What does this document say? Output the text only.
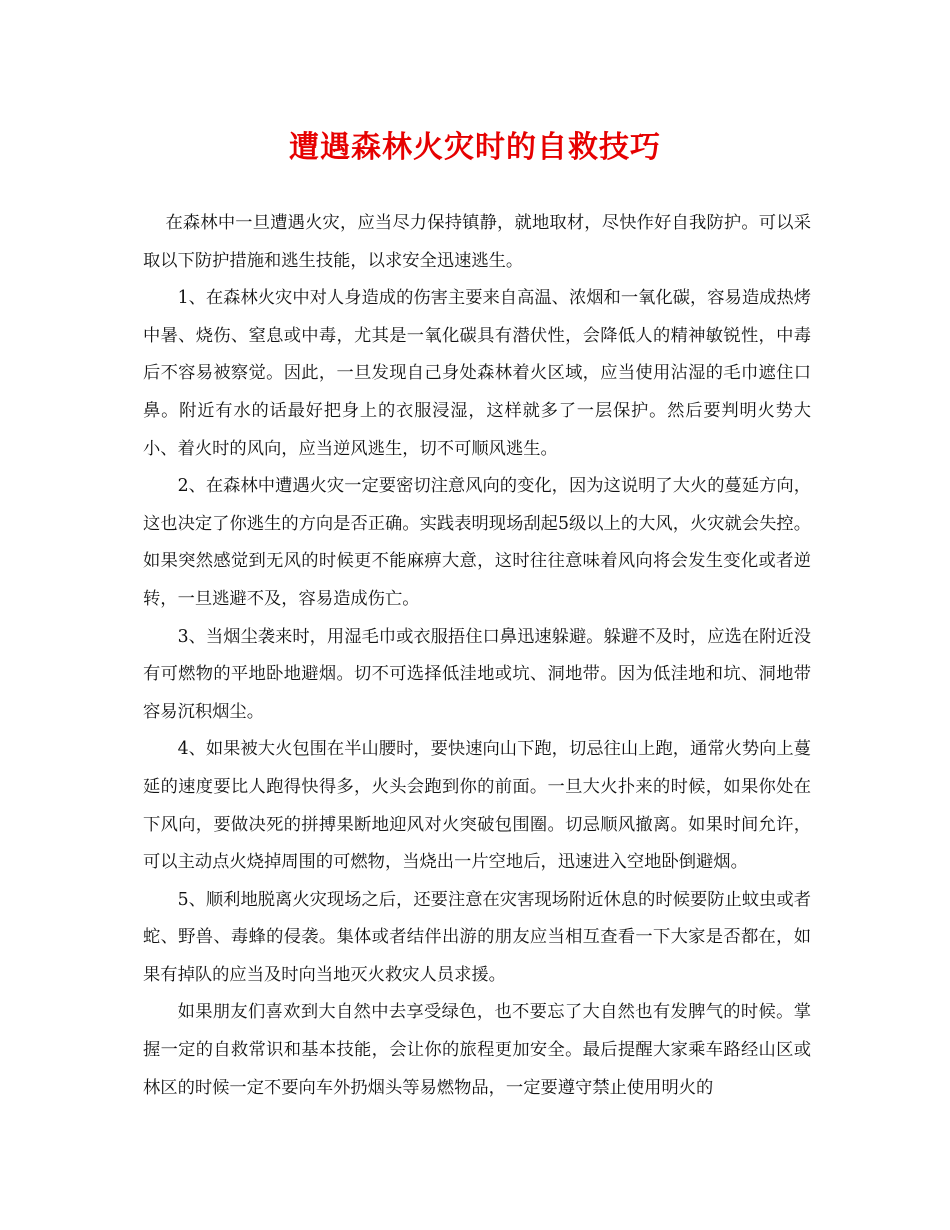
遭遇森林火灾时的自救技巧

在森林中一旦遭遇火灾，应当尽力保持镇静，就地取材，尽快作好自我防护。可以采取以下防护措施和逃生技能，以求安全迅速逃生。

1、在森林火灾中对人身造成的伤害主要来自高温、浓烟和一氧化碳，容易造成热烤中暑、烧伤、窒息或中毒，尤其是一氧化碳具有潜伏性，会降低人的精神敏锐性，中毒后不容易被察觉。因此，一旦发现自己身处森林着火区域，应当使用沾湿的毛巾遮住口鼻。附近有水的话最好把身上的衣服浸湿，这样就多了一层保护。然后要判明火势大小、着火时的风向，应当逆风逃生，切不可顺风逃生。

2、在森林中遭遇火灾一定要密切注意风向的变化，因为这说明了大火的蔓延方向，这也决定了你逃生的方向是否正确。实践表明现场刮起5级以上的大风，火灾就会失控。如果突然感觉到无风的时候更不能麻痹大意，这时往往意味着风向将会发生变化或者逆转，一旦逃避不及，容易造成伤亡。

3、当烟尘袭来时，用湿毛巾或衣服捂住口鼻迅速躲避。躲避不及时，应选在附近没有可燃物的平地卧地避烟。切不可选择低洼地或坑、洞地带。因为低洼地和坑、洞地带容易沉积烟尘。

4、如果被大火包围在半山腰时，要快速向山下跑，切忌往山上跑，通常火势向上蔓延的速度要比人跑得快得多，火头会跑到你的前面。一旦大火扑来的时候，如果你处在下风向，要做决死的拼搏果断地迎风对火突破包围圈。切忌顺风撤离。如果时间允许，可以主动点火烧掉周围的可燃物，当烧出一片空地后，迅速进入空地卧倒避烟。

5、顺利地脱离火灾现场之后，还要注意在灾害现场附近休息的时候要防止蚊虫或者蛇、野兽、毒蜂的侵袭。集体或者结伴出游的朋友应当相互查看一下大家是否都在，如果有掉队的应当及时向当地灭火救灾人员求援。

如果朋友们喜欢到大自然中去享受绿色，也不要忘了大自然也有发脾气的时候。掌握一定的自救常识和基本技能，会让你的旅程更加安全。最后提醒大家乘车路经山区或林区的时候一定不要向车外扔烟头等易燃物品，一定要遵守禁止使用明火的
